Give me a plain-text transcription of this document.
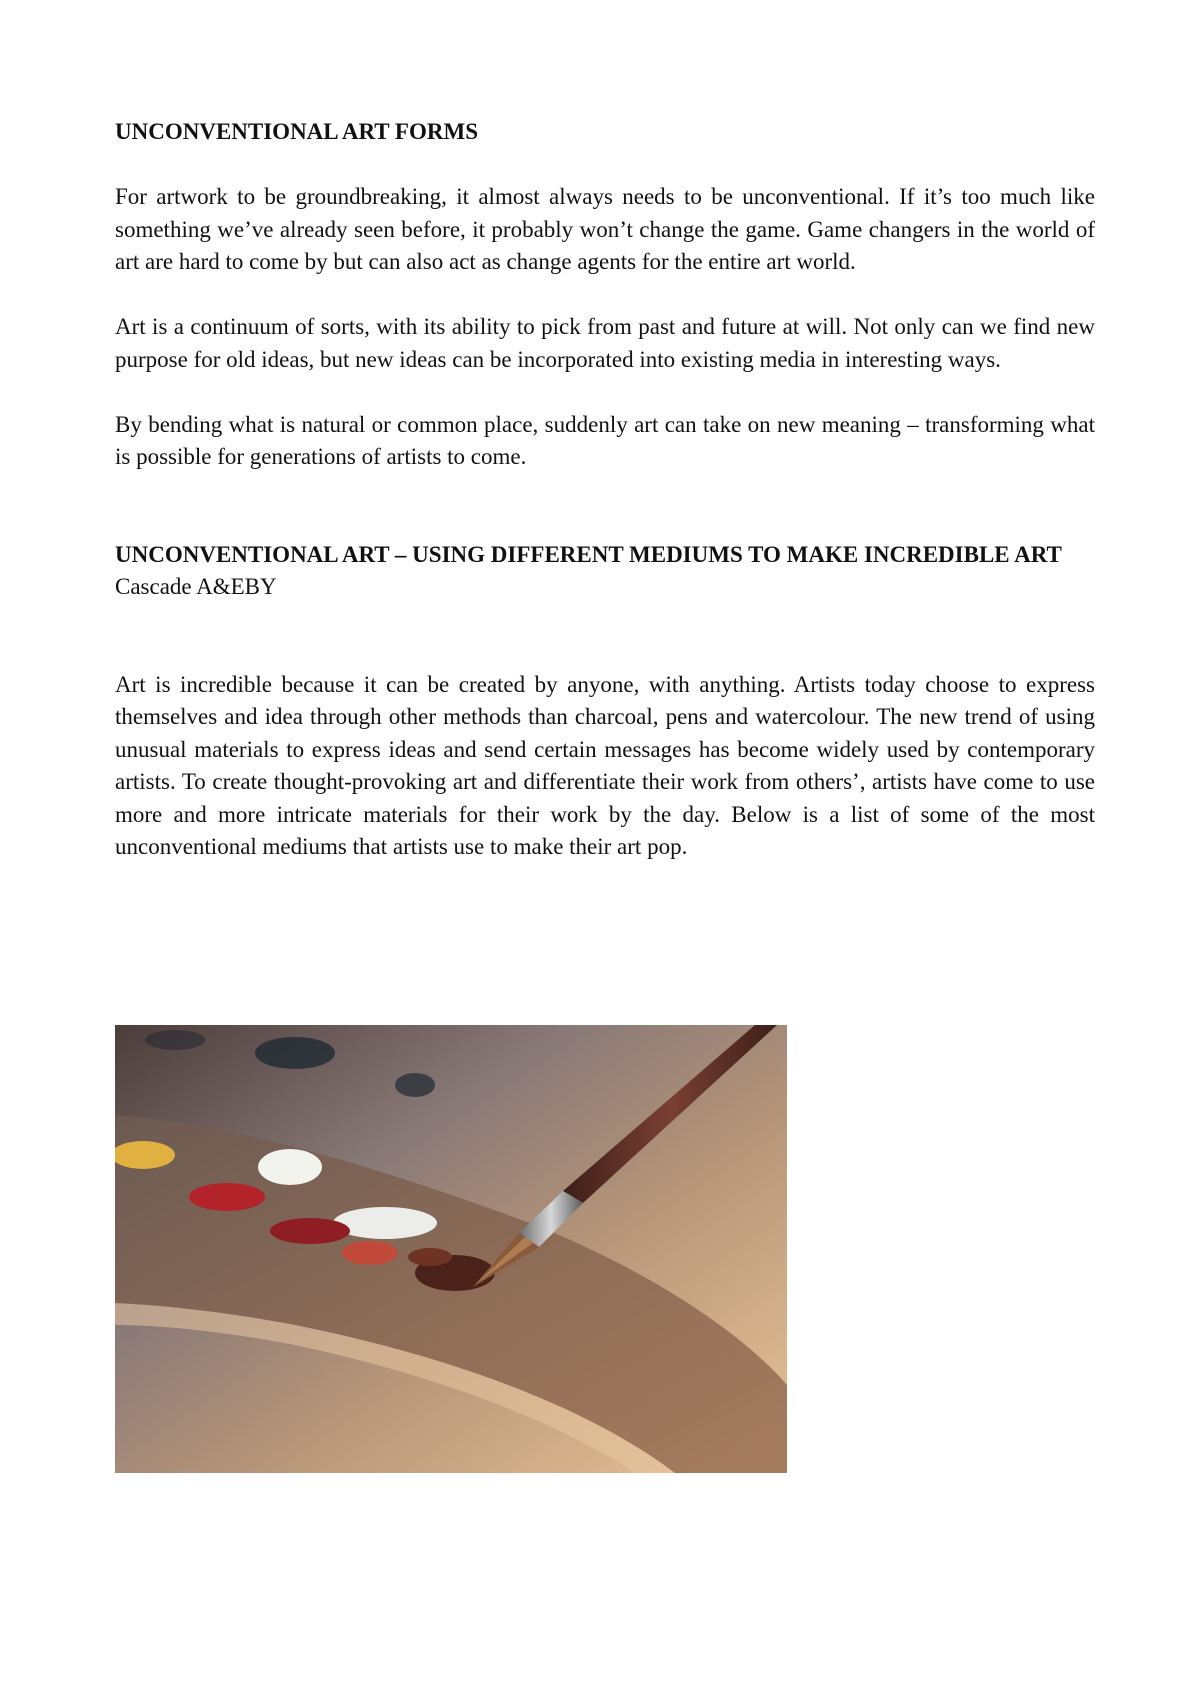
UNCONVENTIONAL ART FORMS

For artwork to be groundbreaking, it almost always needs to be unconventional. If it’s too much like something we’ve already seen before, it probably won’t change the game. Game changers in the world of art are hard to come by but can also act as change agents for the entire art world.

Art is a continuum of sorts, with its ability to pick from past and future at will. Not only can we find new purpose for old ideas, but new ideas can be incorporated into existing media in interesting ways.

By bending what is natural or common place, suddenly art can take on new meaning – transforming what is possible for generations of artists to come.

UNCONVENTIONAL ART – USING DIFFERENT MEDIUMS TO MAKE INCREDIBLE ART

Cascade A&EBY

Art is incredible because it can be created by anyone, with anything. Artists today choose to express themselves and idea through other methods than charcoal, pens and watercolour. The new trend of using unusual materials to express ideas and send certain messages has become widely used by contemporary artists. To create thought-provoking art and differentiate their work from others’, artists have come to use more and more intricate materials for their work by the day. Below is a list of some of the most unconventional mediums that artists use to make their art pop.
